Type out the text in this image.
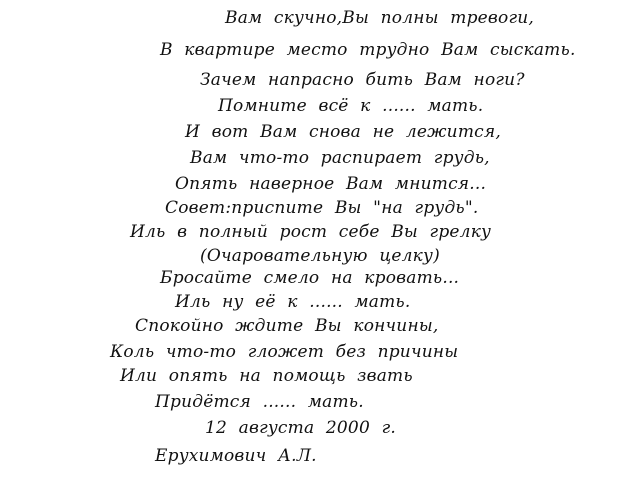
Вам скучно,Вы полны тревоги,
В квартире место трудно Вам сыскать.
Зачем напрасно бить Вам ноги?
Помните всё к ...... мать.
И вот Вам снова не лежится,
Вам что-то распирает грудь,
Опять наверное Вам мнится...
Совет:приспите Вы "на грудь".
Иль в полный рост себе Вы грелку
(Очаровательную целку)
Бросайте смело на кровать...
Иль ну её к ...... мать.
Спокойно ждите Вы кончины,
Коль что-то гложет без причины
Или опять на помощь звать
Придётся ...... мать.
12 августа 2000 г.
Ерухимович А.Л.
